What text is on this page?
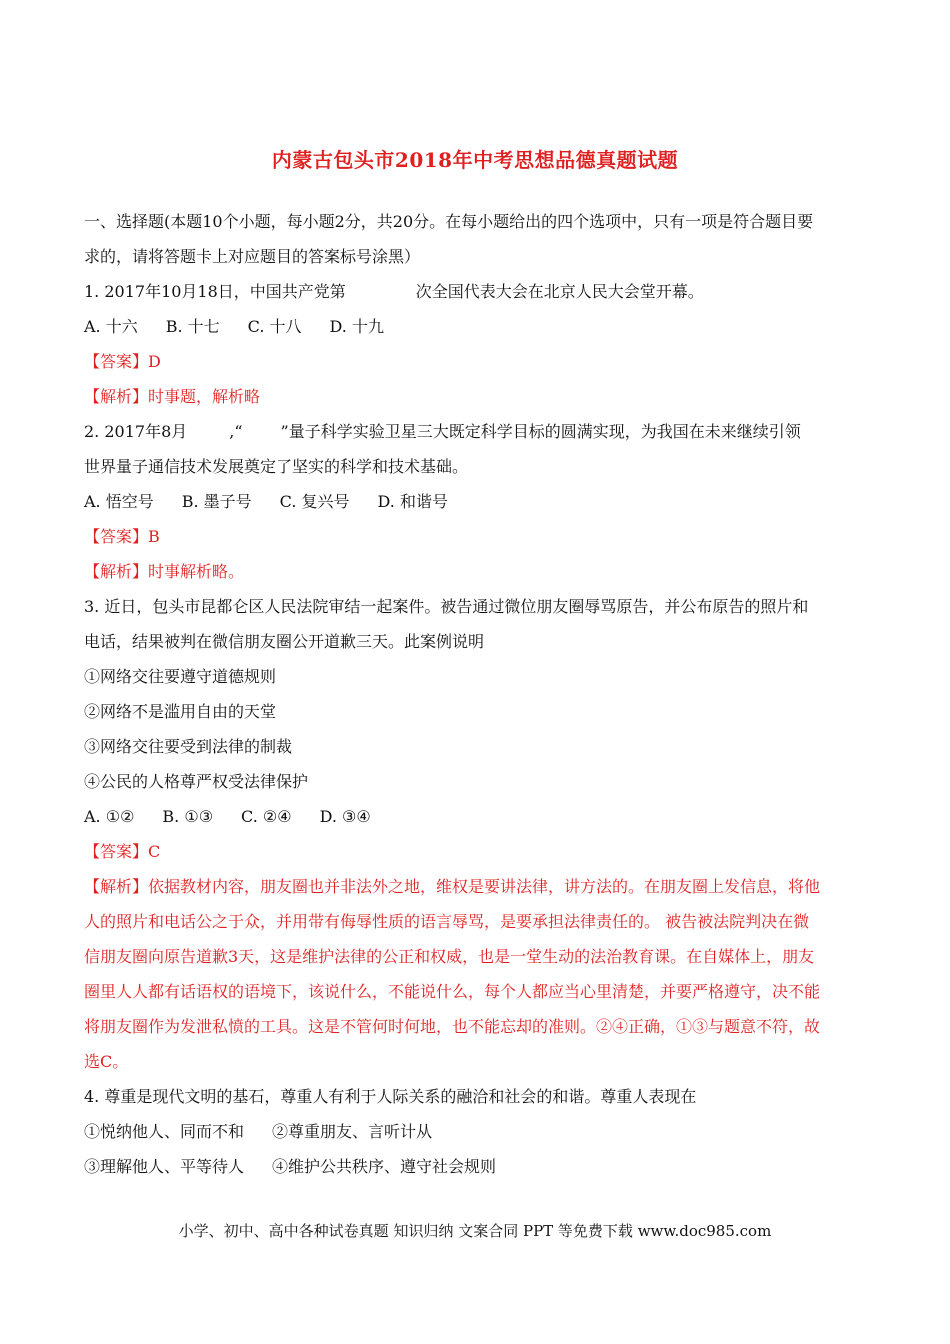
内蒙古包头市2018年中考思想品德真题试题
一、选择题(本题10个小题，每小题2分，共20分。在每小题给出的四个选项中，只有一项是符合题目要
求的，请将答题卡上对应题目的答案标号涂黑）
1. 2017年10月18日，中国共产党第	次全国代表大会在北京人民大会堂开幕。
A. 十六 B. 十七 C. 十八 D. 十九
【答案】D
【解析】时事题，解析略
2. 2017年8月	,“ ”量子科学实验卫星三大既定科学目标的圆满实现，为我国在未来继续引领
世界量子通信技术发展奠定了坚实的科学和技术基础。
A. 悟空号 B. 墨子号 C. 复兴号 D. 和谐号
【答案】B
【解析】时事解析略。
3. 近日，包头市昆都仑区人民法院审结一起案件。被告通过微位朋友圈辱骂原告，并公布原告的照片和
电话，结果被判在微信朋友圈公开道歉三天。此案例说明
①网络交往要遵守道德规则
②网络不是滥用自由的天堂
③网络交往要受到法律的制裁
④公民的人格尊严权受法律保护
A. ①② B. ①③ C. ②④ D. ③④
【答案】C
【解析】依据教材内容，朋友圈也并非法外之地，维权是要讲法律，讲方法的。在朋友圈上发信息，将他
人的照片和电话公之于众，并用带有侮辱性质的语言辱骂，是要承担法律责任的。 被告被法院判决在微
信朋友圈向原告道歉3天，这是维护法律的公正和权威，也是一堂生动的法治教育课。在自媒体上，朋友
圈里人人都有话语权的语境下，该说什么，不能说什么，每个人都应当心里清楚，并要严格遵守，决不能
将朋友圈作为发泄私愤的工具。这是不管何时何地，也不能忘却的准则。②④正确，①③与题意不符，故
选C。
4. 尊重是现代文明的基石，尊重人有利于人际关系的融洽和社会的和谐。尊重人表现在
①悦纳他人、同而不和 ②尊重朋友、言听计从
③理解他人、平等待人 ④维护公共秩序、遵守社会规则
小学、初中、高中各种试卷真题 知识归纳 文案合同 PPT 等免费下载 www.doc985.com
